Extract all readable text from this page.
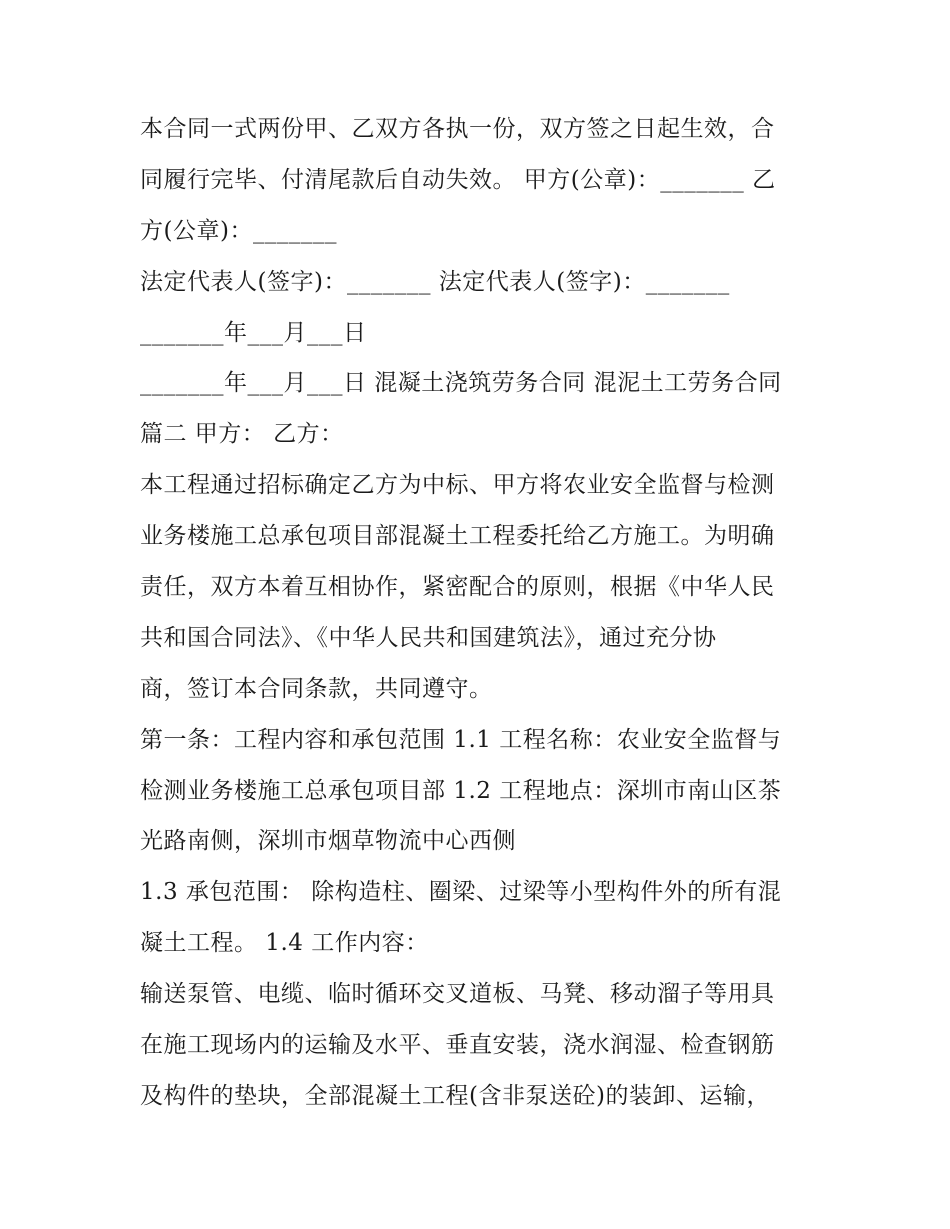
本合同一式两份甲、乙双方各执一份，双方签之日起生效，合
同履行完毕、付清尾款后自动失效。 甲方(公章)：_______ 乙
方(公章)：_______
法定代表人(签字)：_______ 法定代表人(签字)：_______
_______年___月___日
_______年___月___日 混凝土浇筑劳务合同 混泥土工劳务合同
篇二 甲方： 乙方：
本工程通过招标确定乙方为中标、甲方将农业安全监督与检测
业务楼施工总承包项目部混凝土工程委托给乙方施工。为明确
责任，双方本着互相协作，紧密配合的原则，根据《中华人民
共和国合同法》、《中华人民共和国建筑法》，通过充分协
商，签订本合同条款，共同遵守。
第一条：工程内容和承包范围 1.1 工程名称：农业安全监督与
检测业务楼施工总承包项目部 1.2 工程地点：深圳市南山区茶
光路南侧，深圳市烟草物流中心西侧
1.3 承包范围： 除构造柱、圈梁、过梁等小型构件外的所有混
凝土工程。 1.4 工作内容：
输送泵管、电缆、临时循环交叉道板、马凳、移动溜子等用具
在施工现场内的运输及水平、垂直安装，浇水润湿、检查钢筋
及构件的垫块，全部混凝土工程(含非泵送砼)的装卸、运输，
